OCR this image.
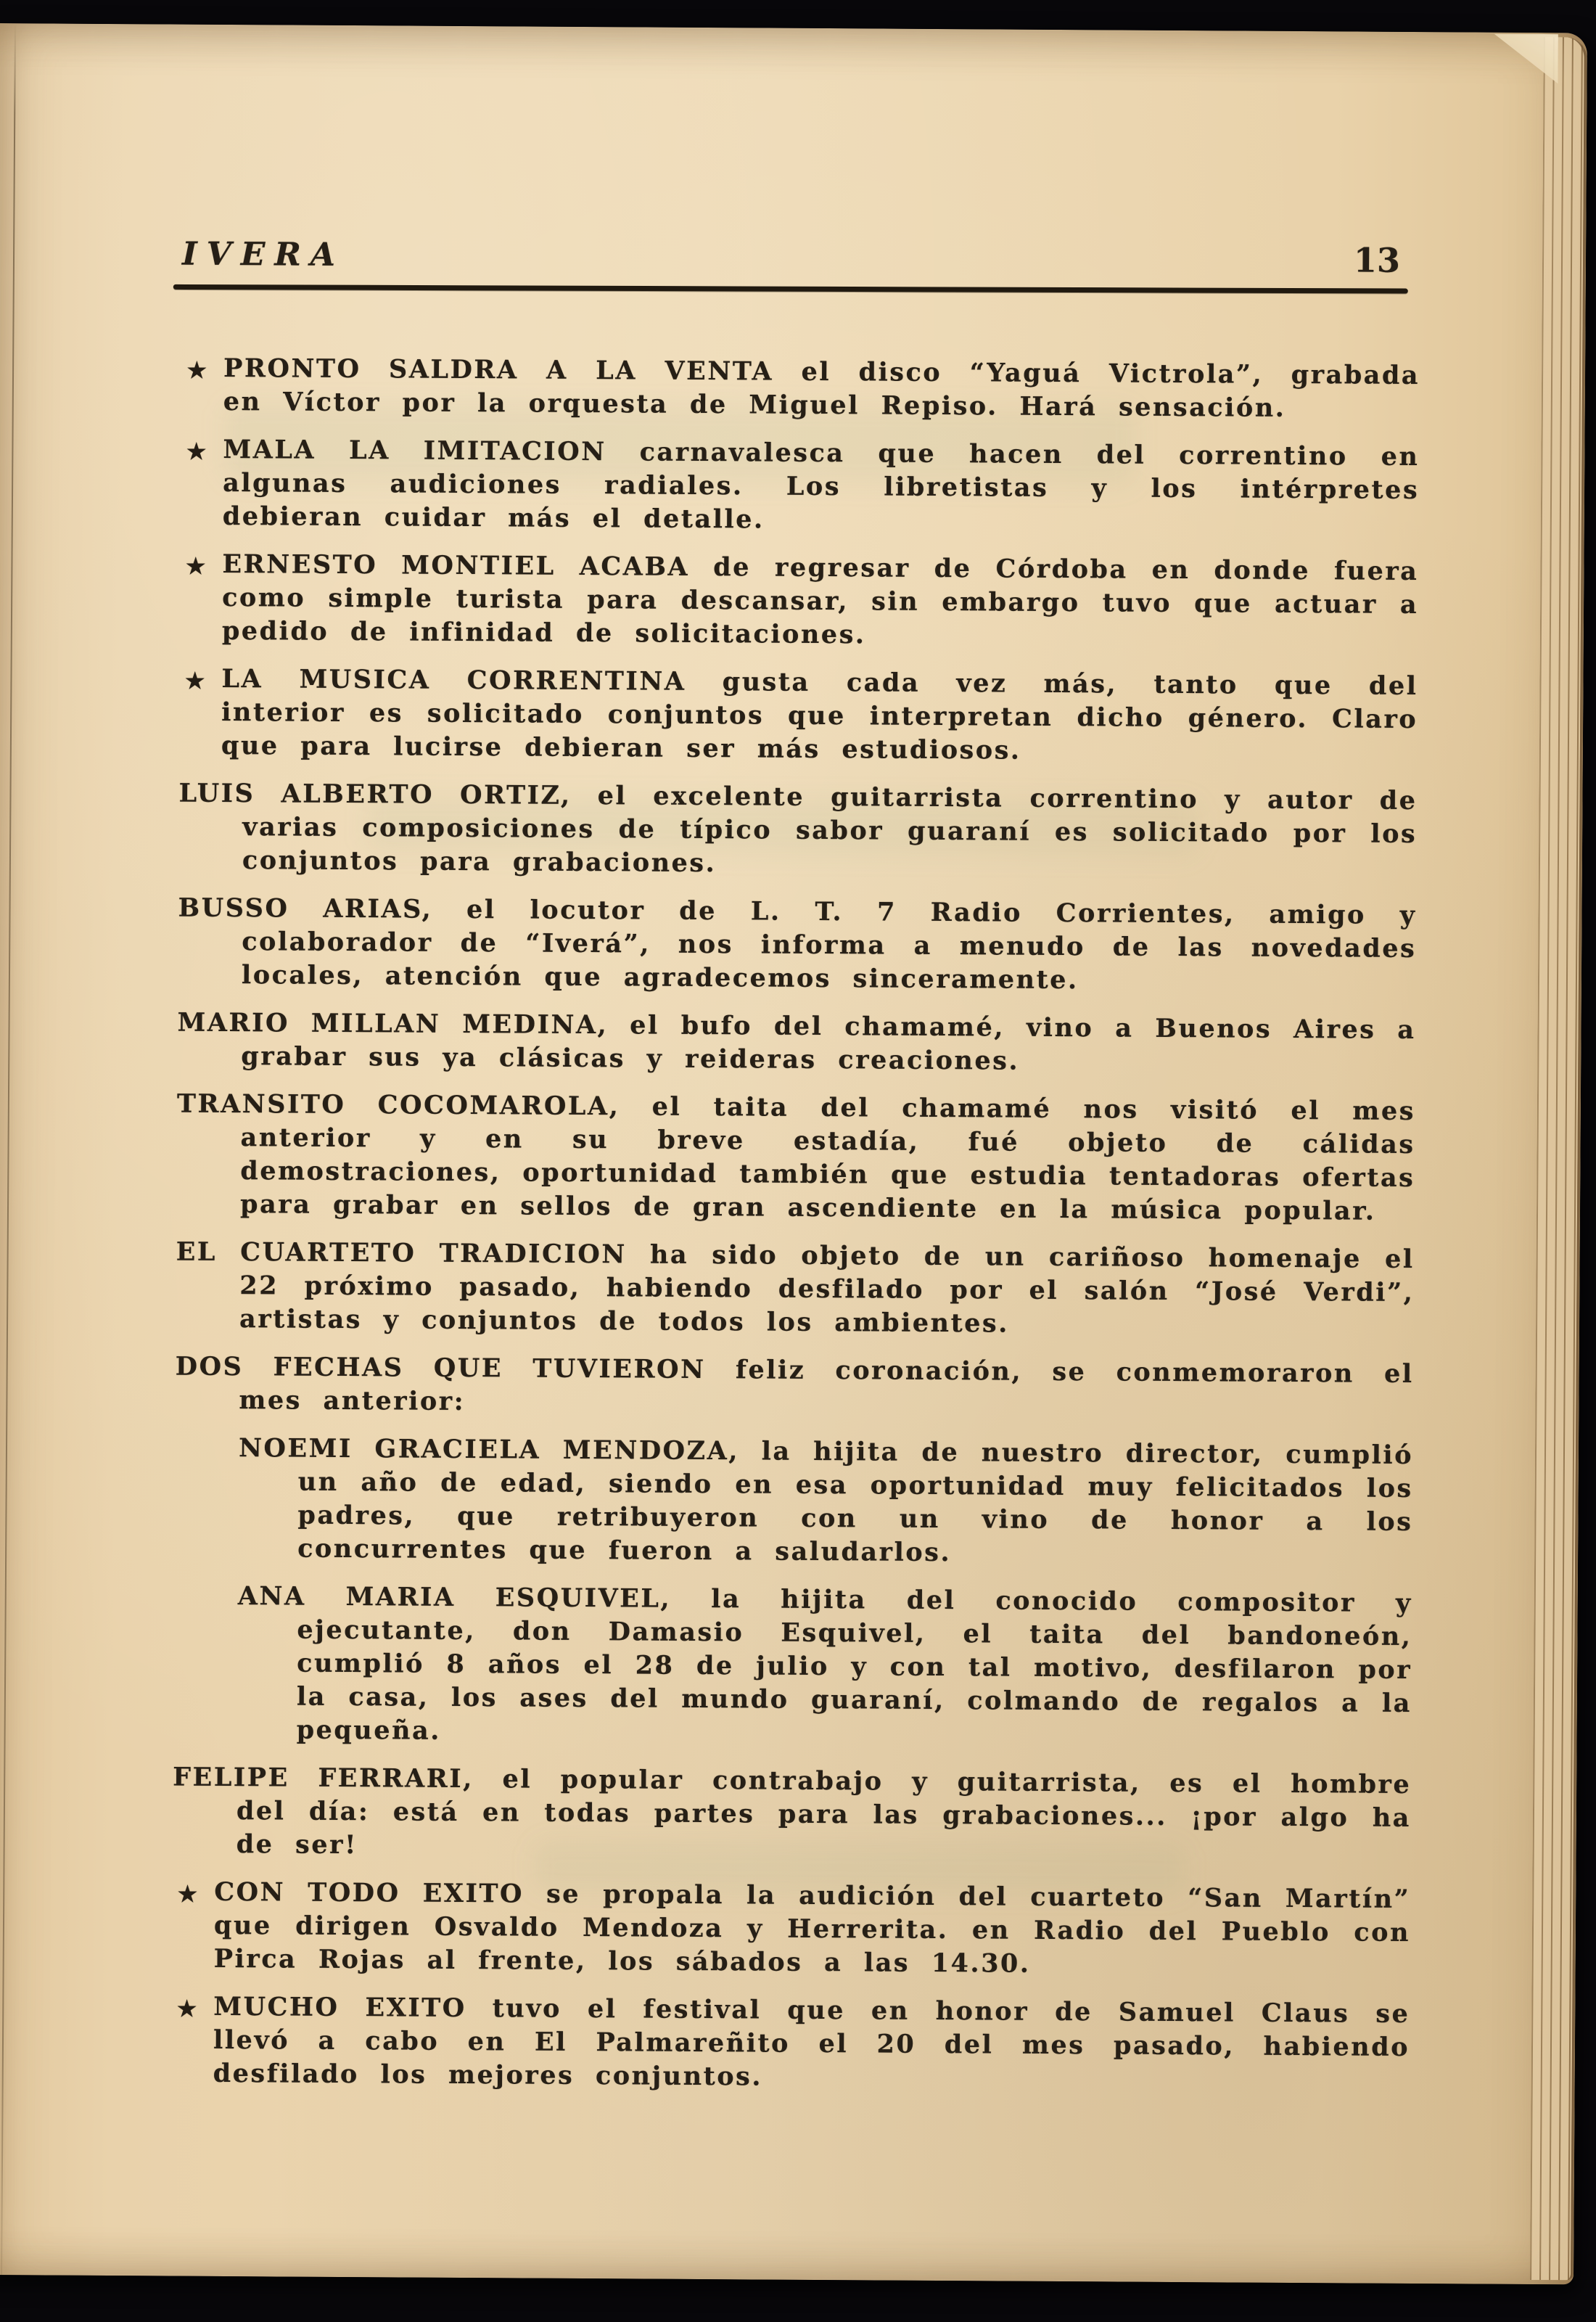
IVERA	13
★ PRONTO SALDRA A LA VENTA el disco “Yaguá Victrola”, grabada en Víctor por la orquesta de Miguel Repiso. Hará sensación.
★ MALA LA IMITACION carnavalesca que hacen del correntino en algunas audiciones radiales. Los libretistas y los intérpretes debieran cuidar más el detalle.
★ ERNESTO MONTIEL ACABA de regresar de Córdoba en donde fuera como simple turista para descansar, sin embargo tuvo que actuar a pedido de infinidad de solicitaciones.
★ LA MUSICA CORRENTINA gusta cada vez más, tanto que del interior es solicitado conjuntos que interpretan dicho género. Claro que para lucirse debieran ser más estudiosos.
LUIS ALBERTO ORTIZ, el excelente guitarrista correntino y autor de varias composiciones de típico sabor guaraní es solicitado por los conjuntos para grabaciones.
BUSSO ARIAS, el locutor de L. T. 7 Radio Corrientes, amigo y colaborador de “Iverá”, nos informa a menudo de las novedades locales, atención que agradecemos sinceramente.
MARIO MILLAN MEDINA, el bufo del chamamé, vino a Buenos Aires a grabar sus ya clásicas y reideras creaciones.
TRANSITO COCOMAROLA, el taita del chamamé nos visitó el mes anterior y en su breve estadía, fué objeto de cálidas demostraciones, oportunidad también que estudia tentadoras ofertas para grabar en sellos de gran ascendiente en la música popular.
EL CUARTETO TRADICION ha sido objeto de un cariñoso homenaje el 22 próximo pasado, habiendo desfilado por el salón “José Verdi”, artistas y conjuntos de todos los ambientes.
DOS FECHAS QUE TUVIERON feliz coronación, se conmemoraron el mes anterior:
NOEMI GRACIELA MENDOZA, la hijita de nuestro director, cumplió un año de edad, siendo en esa oportunidad muy felicitados los padres, que retribuyeron con un vino de honor a los concurrentes que fueron a saludarlos.
ANA MARIA ESQUIVEL, la hijita del conocido compositor y ejecutante, don Damasio Esquivel, el taita del bandoneón, cumplió 8 años el 28 de julio y con tal motivo, desfilaron por la casa, los ases del mundo guaraní, colmando de regalos a la pequeña.
FELIPE FERRARI, el popular contrabajo y guitarrista, es el hombre del día: está en todas partes para las grabaciones... ¡por algo ha de ser!
★ CON TODO EXITO se propala la audición del cuarteto “San Martín” que dirigen Osvaldo Mendoza y Herrerita. en Radio del Pueblo con Pirca Rojas al frente, los sábados a las 14.30.
★ MUCHO EXITO tuvo el festival que en honor de Samuel Claus se llevó a cabo en El Palmareñito el 20 del mes pasado, habiendo desfilado los mejores conjuntos.
